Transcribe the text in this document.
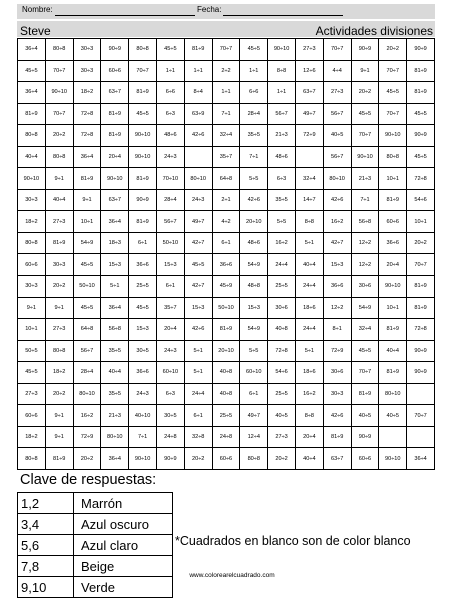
Nombre:	Fecha:
Steve	Actividades divisiones
36÷4	80÷8	30÷3	90÷9	80÷8	45÷5	81÷9	70÷7	45÷5	90÷10	27÷3	70÷7	90÷9	20÷2	90÷9
45÷5	70÷7	30÷3	60÷6	70÷7	1÷1	1÷1	2÷2	1÷1	8÷8	12÷6	4÷4	9÷1	70÷7	81÷9
36÷4	90÷10	18÷2	63÷7	81÷9	6÷6	8÷4	1÷1	6÷6	1÷1	63÷7	27÷3	20÷2	45÷5	81÷9
81÷9	70÷7	72÷8	81÷9	45÷5	6÷3	63÷9	7÷1	28÷4	56÷7	49÷7	56÷7	45÷5	70÷7	45÷5
80÷8	20÷2	72÷8	81÷9	90÷10	48÷6	42÷6	32÷4	35÷5	21÷3	72÷9	40÷5	70÷7	90÷10	90÷9
40÷4	80÷8	36÷4	20÷4	90÷10	24÷3		35÷7	7÷1	48÷6		56÷7	90÷10	80÷8	45÷5
90÷10	9÷1	81÷9	90÷10	81÷9	70÷10	80÷10	64÷8	5÷5	6÷3	32÷4	80÷10	21÷3	10÷1	72÷8
30÷3	40÷4	9÷1	63÷7	90÷9	28÷4	24÷3	2÷1	42÷6	35÷5	14÷7	42÷6	7÷1	81÷9	54÷6
18÷2	27÷3	10÷1	36÷4	81÷9	56÷7	49÷7	4÷2	20÷10	5÷5	8÷8	16÷2	56÷8	60÷6	10÷1
80÷8	81÷9	54÷9	18÷3	6÷1	50÷10	42÷7	6÷1	48÷6	16÷2	5÷1	42÷7	12÷2	36÷6	20÷2
60÷6	30÷3	45÷5	15÷3	36÷6	15÷3	45÷5	36÷6	54÷9	24÷4	40÷4	15÷3	12÷2	20÷4	70÷7
30÷3	20÷2	50÷10	5÷1	25÷5	6÷1	42÷7	45÷9	48÷8	25÷5	24÷4	36÷6	30÷6	90÷10	81÷9
9÷1	9÷1	45÷5	36÷4	45÷5	35÷7	15÷3	50÷10	15÷3	30÷6	18÷6	12÷2	54÷9	10÷1	81÷9
10÷1	27÷3	64÷8	56÷8	15÷3	20÷4	42÷6	81÷9	54÷9	40÷8	24÷4	8÷1	32÷4	81÷9	72÷8
50÷5	80÷8	56÷7	35÷5	30÷5	24÷3	5÷1	20÷10	5÷5	72÷8	5÷1	72÷9	45÷5	40÷4	90÷9
45÷5	18÷2	28÷4	40÷4	36÷6	60÷10	5÷1	40÷8	60÷10	54÷6	18÷6	30÷6	70÷7	81÷9	90÷9
27÷3	20÷2	80÷10	35÷5	24÷3	6÷3	24÷4	40÷8	6÷1	25÷5	16÷2	30÷3	81÷9	80÷10	
60÷6	9÷1	16÷2	21÷3	40÷10	30÷5	6÷1	25÷5	49÷7	40÷5	8÷8	42÷6	40÷5	40÷5	70÷7
18÷2	9÷1	72÷9	80÷10	7÷1	24÷8	32÷8	24÷8	12÷4	27÷3	20÷4	81÷9	90÷9		
80÷8	81÷9	20÷2	36÷4	90÷10	90÷9	20÷2	60÷6	80÷8	20÷2	40÷4	63÷7	60÷6	90÷10	36÷4
Clave de respuestas:
1,2	Marrón
3,4	Azul oscuro
5,6	Azul claro
7,8	Beige
9,10	Verde
*Cuadrados en blanco son de color blanco
www.colorearelcuadrado.com
